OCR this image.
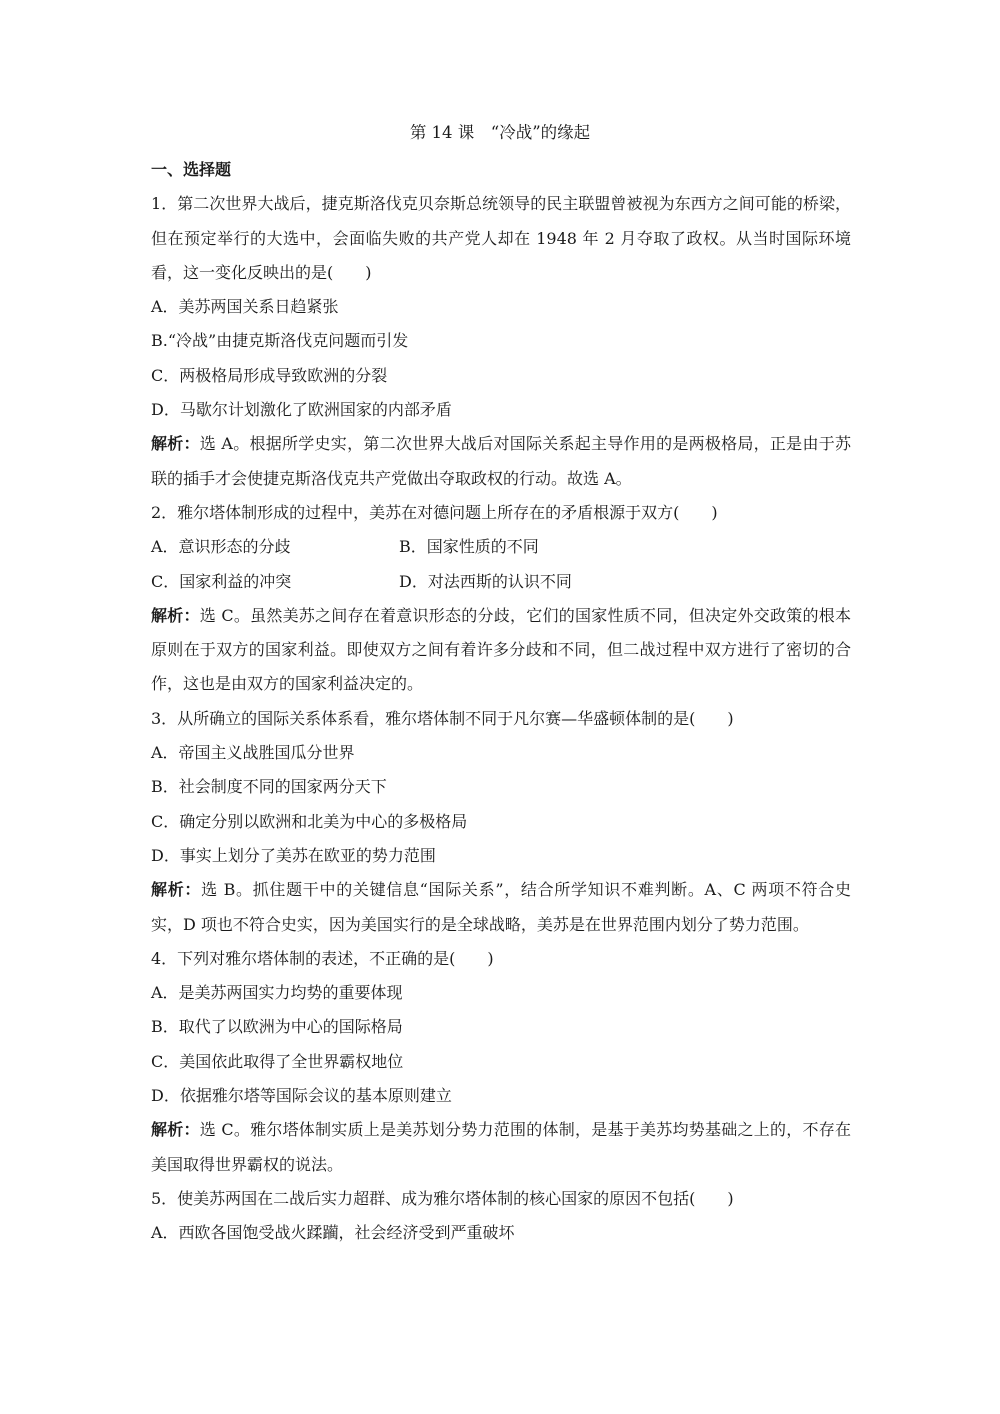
第 14 课　“冷战”的缘起

一、选择题

1．第二次世界大战后，捷克斯洛伐克贝奈斯总统领导的民主联盟曾被视为东西方之间可能的桥梁，但在预定举行的大选中，会面临失败的共产党人却在 1948 年 2 月夺取了政权。从当时国际环境看，这一变化反映出的是(　　)

A．美苏两国关系日趋紧张

B.“冷战”由捷克斯洛伐克问题而引发

C．两极格局形成导致欧洲的分裂

D．马歇尔计划激化了欧洲国家的内部矛盾

解析：选 A。根据所学史实，第二次世界大战后对国际关系起主导作用的是两极格局，正是由于苏联的插手才会使捷克斯洛伐克共产党做出夺取政权的行动。故选 A。

2．雅尔塔体制形成的过程中，美苏在对德问题上所存在的矛盾根源于双方(　　)

A．意识形态的分歧	B．国家性质的不同
C．国家利益的冲突	D．对法西斯的认识不同

解析：选 C。虽然美苏之间存在着意识形态的分歧，它们的国家性质不同，但决定外交政策的根本原则在于双方的国家利益。即使双方之间有着许多分歧和不同，但二战过程中双方进行了密切的合作，这也是由双方的国家利益决定的。

3．从所确立的国际关系体系看，雅尔塔体制不同于凡尔赛—华盛顿体制的是(　　)

A．帝国主义战胜国瓜分世界

B．社会制度不同的国家两分天下

C．确定分别以欧洲和北美为中心的多极格局

D．事实上划分了美苏在欧亚的势力范围

解析：选 B。抓住题干中的关键信息“国际关系”，结合所学知识不难判断。A、C 两项不符合史实，D 项也不符合史实，因为美国实行的是全球战略，美苏是在世界范围内划分了势力范围。

4．下列对雅尔塔体制的表述，不正确的是(　　)

A．是美苏两国实力均势的重要体现

B．取代了以欧洲为中心的国际格局

C．美国依此取得了全世界霸权地位

D．依据雅尔塔等国际会议的基本原则建立

解析：选 C。雅尔塔体制实质上是美苏划分势力范围的体制，是基于美苏均势基础之上的，不存在美国取得世界霸权的说法。

5．使美苏两国在二战后实力超群、成为雅尔塔体制的核心国家的原因不包括(　　)

A．西欧各国饱受战火蹂躏，社会经济受到严重破坏
